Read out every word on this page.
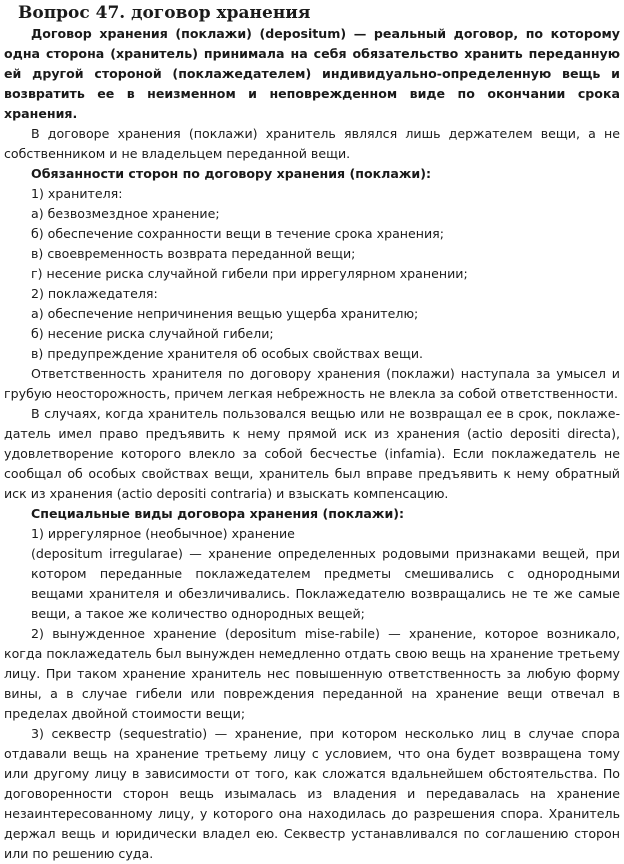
Вопрос 47. договор хранения

Договор хранения (поклажи) (depositum) — реальный договор, по которому одна сторона (хранитель) принимала на себя обязательство хранить переданную ей другой стороной (поклажедателем) индивидуально-определенную вещь и возвратить ее в неизменном и неповрежденном виде по окончании срока хранения.

В договоре хранения (поклажи) хранитель являлся лишь держателем вещи, а не собственником и не владельцем переданной вещи.

Обязанности сторон по договору хранения (поклажи):

1) хранителя:

а) безвозмездное хранение;

б) обеспечение сохранности вещи в течение срока хранения;

в) своевременность возврата переданной вещи;

г) несение риска случайной гибели при иррегулярном хранении;

2) поклажедателя:

а) обеспечение непричинения вещью ущерба хранителю;

б) несение риска случайной гибели;

в) предупреждение хранителя об особых свойствах вещи.

Ответственность хранителя по договору хранения (поклажи) наступала за умысел и грубую неосторожность, причем легкая небрежность не влекла за собой ответственности.

В случаях, когда хранитель пользовался вещью или не возвращал ее в срок, поклаже-датель имел право предъявить к нему прямой иск из хранения (actio depositi directa), удовлетворение которого влекло за собой бесчестье (infamia). Если поклажедатель не сообщал об особых свойствах вещи, хранитель был вправе предъявить к нему обратный иск из хранения (actio depositi contraria) и взыскать компенсацию.

Специальные виды договора хранения (поклажи):

1) иррегулярное (необычное) хранение

(depositum irregularae) — хранение определенных родовыми признаками вещей, при котором переданные поклажедателем предметы смешивались с однородными вещами хранителя и обезличивались. Поклажедателю возвращались не те же самые вещи, а такое же количество однородных вещей;

2) вынужденное хранение (depositum mise-rabile) — хранение, которое возникало, когда поклажедатель был вынужден немедленно отдать свою вещь на хранение третьему лицу. При таком хранение хранитель нес повышенную ответственность за любую форму вины, а в случае гибели или повреждения переданной на хранение вещи отвечал в пределах двойной стоимости вещи;

3) секвестр (sequestratio) — хранение, при котором несколько лиц в случае спора отдавали вещь на хранение третьему лицу с условием, что она будет возвращена тому или другому лицу в зависимости от того, как сложатся вдальнейшем обстоятельства. По договоренности сторон вещь изымалась из владения и передавалась на хранение незаинтересованному лицу, у которого она находилась до разрешения спора. Хранитель держал вещь и юридически владел ею. Секвестр устанавливался по соглашению сторон или по решению суда.
